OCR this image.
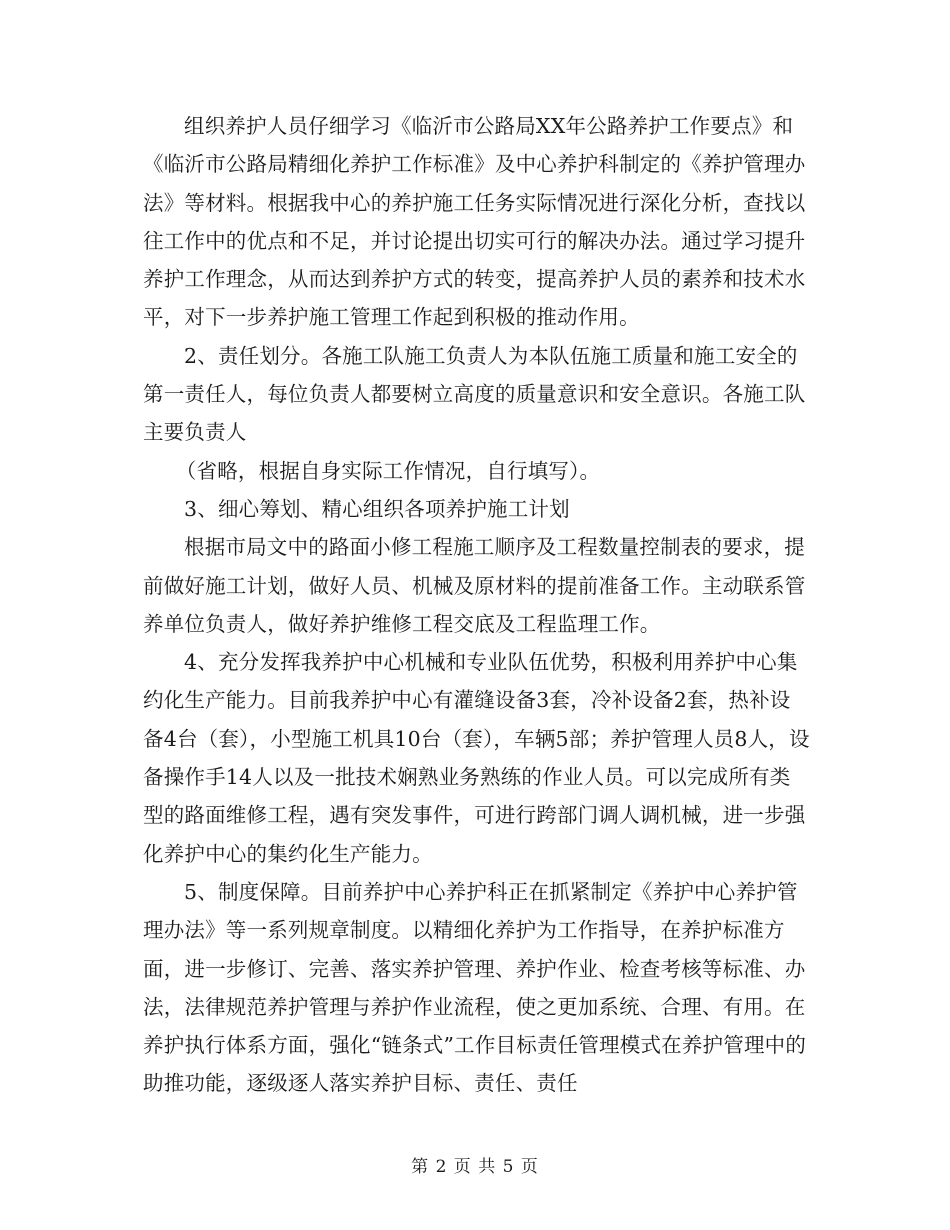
组织养护人员仔细学习《临沂市公路局XX年公路养护工作要点》和《临沂市公路局精细化养护工作标准》及中心养护科制定的《养护管理办法》等材料。根据我中心的养护施工任务实际情况进行深化分析，查找以往工作中的优点和不足，并讨论提出切实可行的解决办法。通过学习提升养护工作理念，从而达到养护方式的转变，提高养护人员的素养和技术水平，对下一步养护施工管理工作起到积极的推动作用。

2、责任划分。各施工队施工负责人为本队伍施工质量和施工安全的第一责任人，每位负责人都要树立高度的质量意识和安全意识。各施工队主要负责人

（省略，根据自身实际工作情况，自行填写）。

3、细心筹划、精心组织各项养护施工计划

根据市局文中的路面小修工程施工顺序及工程数量控制表的要求，提前做好施工计划，做好人员、机械及原材料的提前准备工作。主动联系管养单位负责人，做好养护维修工程交底及工程监理工作。

4、充分发挥我养护中心机械和专业队伍优势，积极利用养护中心集约化生产能力。目前我养护中心有灌缝设备3套，冷补设备2套，热补设备4台（套），小型施工机具10台（套），车辆5部；养护管理人员8人，设备操作手14人以及一批技术娴熟业务熟练的作业人员。可以完成所有类型的路面维修工程，遇有突发事件，可进行跨部门调人调机械，进一步强化养护中心的集约化生产能力。

5、制度保障。目前养护中心养护科正在抓紧制定《养护中心养护管理办法》等一系列规章制度。以精细化养护为工作指导，在养护标准方面，进一步修订、完善、落实养护管理、养护作业、检查考核等标准、办法，法律规范养护管理与养护作业流程，使之更加系统、合理、有用。在养护执行体系方面，强化“链条式”工作目标责任管理模式在养护管理中的助推功能，逐级逐人落实养护目标、责任、责任

第 2 页 共 5 页
